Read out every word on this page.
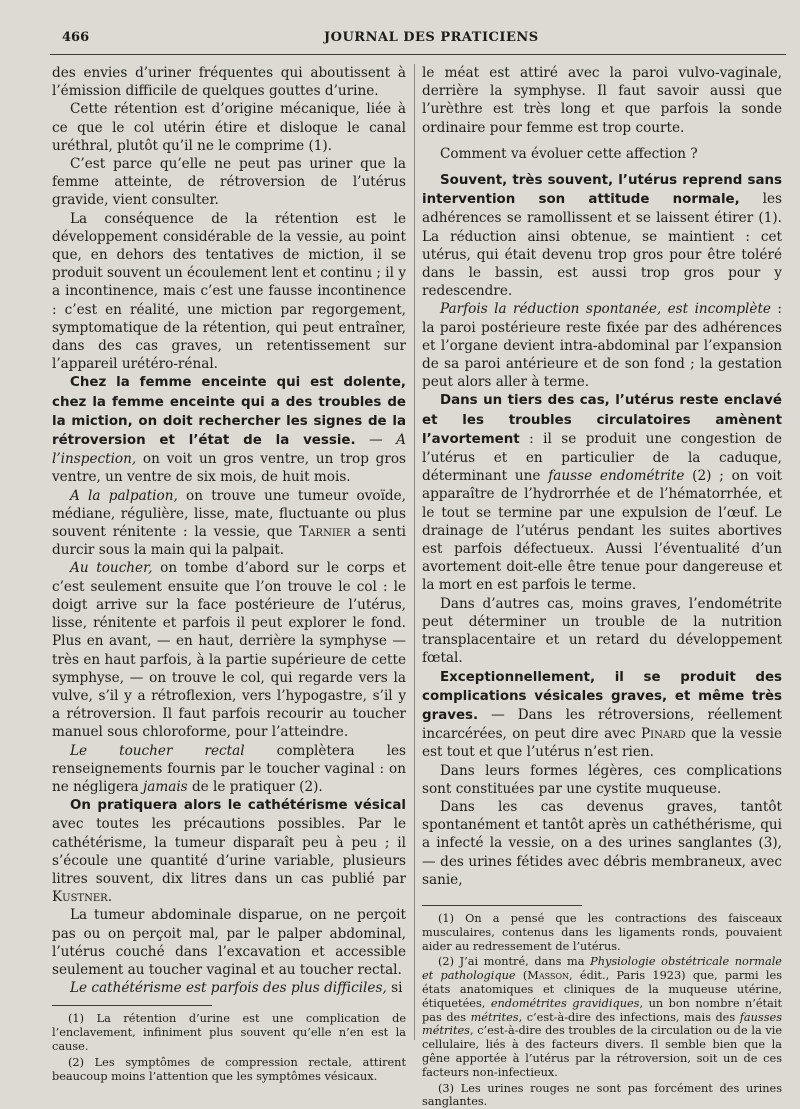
466	JOURNAL DES PRATICIENS

des envies d’uriner fréquentes qui aboutissent à l’émission difficile de quelques gouttes d’urine.

Cette rétention est d’origine mécanique, liée à ce que le col utérin étire et disloque le canal uréthral, plutôt qu’il ne le comprime (1).

C’est parce qu’elle ne peut pas uriner que la femme atteinte, de rétroversion de l’utérus gravide, vient consulter.

La conséquence de la rétention est le développement considérable de la vessie, au point que, en dehors des tentatives de miction, il se produit souvent un écoulement lent et continu ; il y a incontinence, mais c’est une fausse incontinence : c’est en réalité, une miction par regorgement, symptomatique de la rétention, qui peut entraîner, dans des cas graves, un retentissement sur l’appareil urétéro-rénal.

Chez la femme enceinte qui est dolente, chez la femme enceinte qui a des troubles de la miction, on doit rechercher les signes de la rétroversion et l’état de la vessie. — A l’inspection, on voit un gros ventre, un trop gros ventre, un ventre de six mois, de huit mois.

A la palpation, on trouve une tumeur ovoïde, médiane, régulière, lisse, mate, fluctuante ou plus souvent rénitente : la vessie, que Tarnier a senti durcir sous la main qui la palpait.

Au toucher, on tombe d’abord sur le corps et c’est seulement ensuite que l’on trouve le col : le doigt arrive sur la face postérieure de l’utérus, lisse, rénitente et parfois il peut explorer le fond. Plus en avant, — en haut, derrière la symphyse — très en haut parfois, à la partie supérieure de cette symphyse, — on trouve le col, qui regarde vers la vulve, s’il y a rétroflexion, vers l’hypogastre, s’il y a rétroversion. Il faut parfois recourir au toucher manuel sous chloroforme, pour l’atteindre.

Le toucher rectal complètera les renseignements fournis par le toucher vaginal : on ne négligera jamais de le pratiquer (2).

On pratiquera alors le cathétérisme vésical avec toutes les précautions possibles. Par le cathétérisme, la tumeur disparaît peu à peu ; il s’écoule une quantité d’urine variable, plusieurs litres souvent, dix litres dans un cas publié par Kustner.

La tumeur abdominale disparue, on ne perçoit pas ou on perçoit mal, par le palper abdominal, l’utérus couché dans l’excavation et accessible seulement au toucher vaginal et au toucher rectal.

Le cathétérisme est parfois des plus difficiles, si

(1) La rétention d’urine est une complication de l’enclavement, infiniment plus souvent qu’elle n’en est la cause.

(2) Les symptômes de compression rectale, attirent beaucoup moins l’attention que les symptômes vésicaux.

le méat est attiré avec la paroi vulvo-vaginale, derrière la symphyse. Il faut savoir aussi que l’urèthre est très long et que parfois la sonde ordinaire pour femme est trop courte.

Comment va évoluer cette affection ?

Souvent, très souvent, l’utérus reprend sans intervention son attitude normale, les adhérences se ramollissent et se laissent étirer (1). La réduction ainsi obtenue, se maintient : cet utérus, qui était devenu trop gros pour être toléré dans le bassin, est aussi trop gros pour y redescendre.

Parfois la réduction spontanée, est incomplète : la paroi postérieure reste fixée par des adhérences et l’organe devient intra-abdominal par l’expansion de sa paroi antérieure et de son fond ; la gestation peut alors aller à terme.

Dans un tiers des cas, l’utérus reste enclavé et les troubles circulatoires amènent l’avortement : il se produit une congestion de l’utérus et en particulier de la caduque, déterminant une fausse endométrite (2) ; on voit apparaître de l’hydrorrhée et de l’hématorrhée, et le tout se termine par une expulsion de l’œuf. Le drainage de l’utérus pendant les suites abortives est parfois défectueux. Aussi l’éventualité d’un avortement doit-elle être tenue pour dangereuse et la mort en est parfois le terme.

Dans d’autres cas, moins graves, l’endométrite peut déterminer un trouble de la nutrition transplacentaire et un retard du développement fœtal.

Exceptionnellement, il se produit des complications vésicales graves, et même très graves. — Dans les rétroversions, réellement incarcérées, on peut dire avec Pinard que la vessie est tout et que l’utérus n’est rien.

Dans leurs formes légères, ces complications sont constituées par une cystite muqueuse.

Dans les cas devenus graves, tantôt spontanément et tantôt après un cathéthérisme, qui a infecté la vessie, on a des urines sanglantes (3), — des urines fétides avec débris membraneux, avec sanie,

(1) On a pensé que les contractions des faisceaux musculaires, contenus dans les ligaments ronds, pouvaient aider au redressement de l’utérus.

(2) J’ai montré, dans ma Physiologie obstétricale normale et pathologique (Masson, édit., Paris 1923) que, parmi les états anatomiques et cliniques de la muqueuse utérine, étiquetées, endométrites gravidiques, un bon nombre n’était pas des métrites, c’est-à-dire des infections, mais des fausses métrites, c’est-à-dire des troubles de la circulation ou de la vie cellulaire, liés à des facteurs divers. Il semble bien que la gêne apportée à l’utérus par la rétroversion, soit un de ces facteurs non-infectieux.

(3) Les urines rouges ne sont pas forcément des urines sanglantes.
